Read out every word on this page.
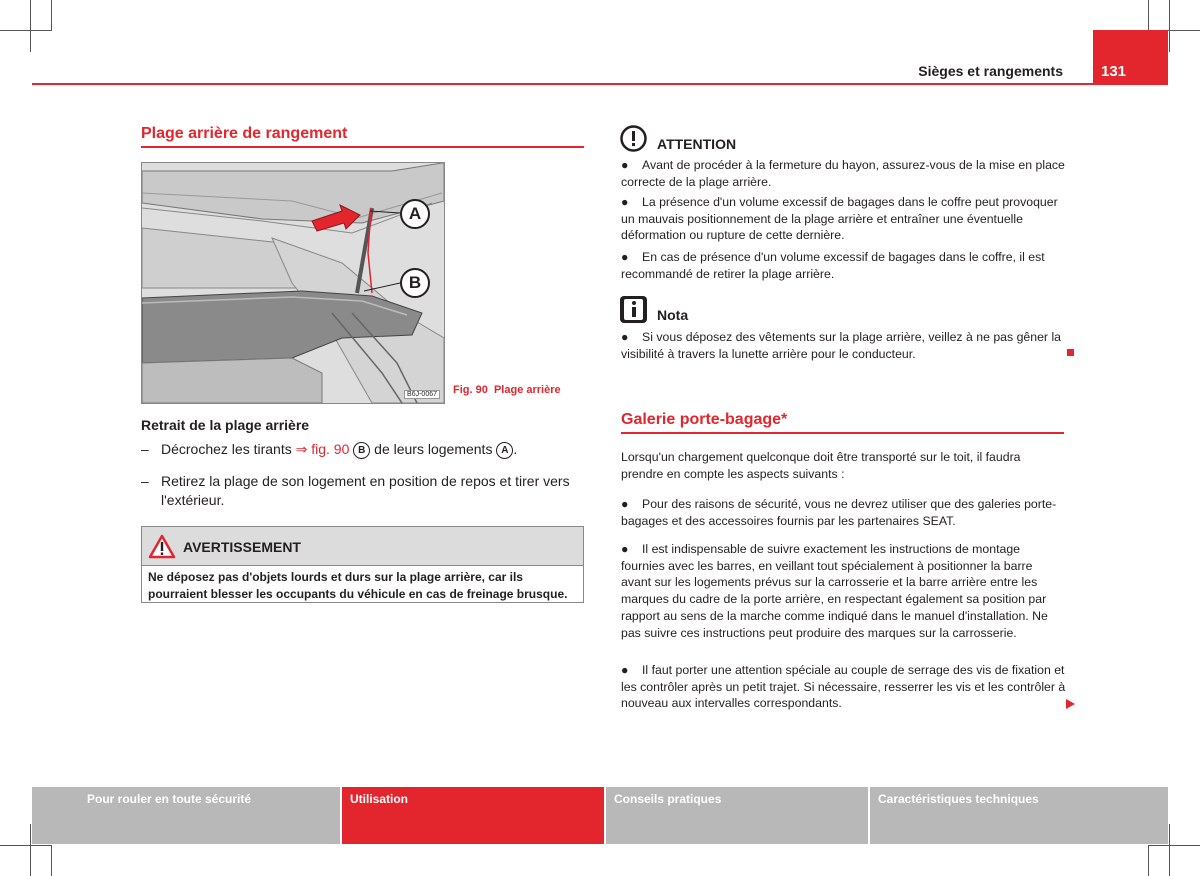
Sièges et rangements	131
Plage arrière de rangement
A
B
B6J-0067 Fig. 90 Plage arrière
Retrait de la plage arrière
– Décrochez les tirants ⇒ fig. 90 B de leurs logements A .
– Retirez la plage de son logement en position de repos et tirer vers l'extérieur.
AVERTISSEMENT
Ne déposez pas d'objets lourds et durs sur la plage arrière, car ils pourraient blesser les occupants du véhicule en cas de freinage brusque.
ATTENTION
●	Avant de procéder à la fermeture du hayon, assurez-vous de la mise en place correcte de la plage arrière.
●	La présence d'un volume excessif de bagages dans le coffre peut provoquer un mauvais positionnement de la plage arrière et entraîner une éventuelle déformation ou rupture de cette dernière.
●	En cas de présence d'un volume excessif de bagages dans le coffre, il est recommandé de retirer la plage arrière.
Nota
●	Si vous déposez des vêtements sur la plage arrière, veillez à ne pas gêner la visibilité à travers la lunette arrière pour le conducteur.
Galerie porte-bagage*
Lorsqu'un chargement quelconque doit être transporté sur le toit, il faudra prendre en compte les aspects suivants :
●	Pour des raisons de sécurité, vous ne devrez utiliser que des galeries porte-bagages et des accessoires fournis par les partenaires SEAT.
●	Il est indispensable de suivre exactement les instructions de montage fournies avec les barres, en veillant tout spécialement à positionner la barre avant sur les logements prévus sur la carrosserie et la barre arrière entre les marques du cadre de la porte arrière, en respectant également sa position par rapport au sens de la marche comme indiqué dans le manuel d'installation. Ne pas suivre ces instructions peut produire des marques sur la carrosserie.
●	Il faut porter une attention spéciale au couple de serrage des vis de fixation et les contrôler après un petit trajet. Si nécessaire, resserrer les vis et les contrôler à nouveau aux intervalles correspondants.
Pour rouler en toute sécurité	Utilisation	Conseils pratiques	Caractéristiques techniques
